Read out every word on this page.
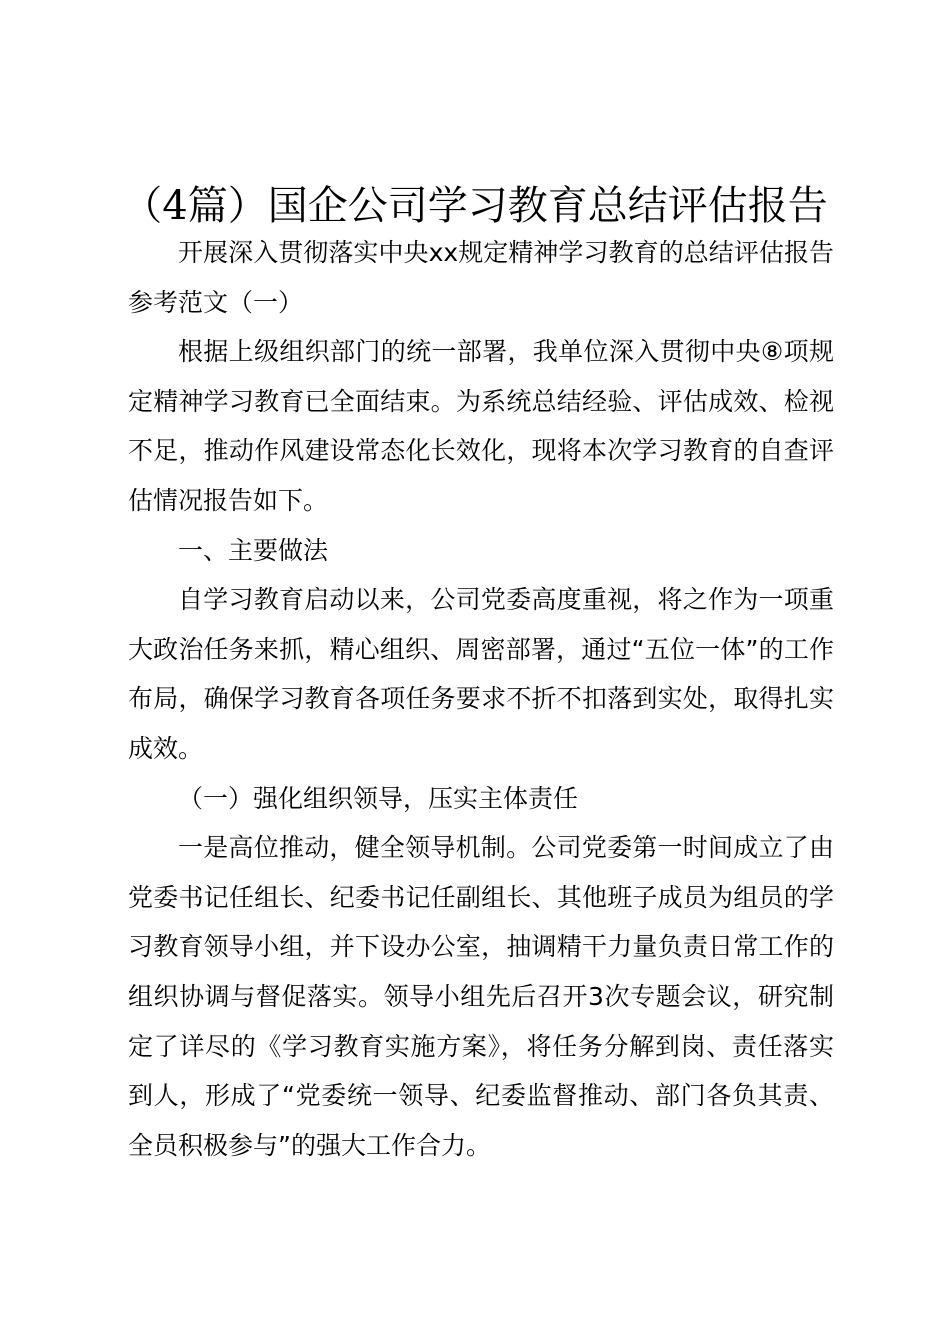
（4篇）国企公司学习教育总结评估报告

开展深入贯彻落实中央xx规定精神学习教育的总结评估报告参考范文（一）

根据上级组织部门的统一部署，我单位深入贯彻中央⑧项规定精神学习教育已全面结束。为系统总结经验、评估成效、检视不足，推动作风建设常态化长效化，现将本次学习教育的自查评估情况报告如下。

一、主要做法

自学习教育启动以来，公司党委高度重视，将之作为一项重大政治任务来抓，精心组织、周密部署，通过“五位一体”的工作布局，确保学习教育各项任务要求不折不扣落到实处，取得扎实成效。

（一）强化组织领导，压实主体责任

一是高位推动，健全领导机制。公司党委第一时间成立了由党委书记任组长、纪委书记任副组长、其他班子成员为组员的学习教育领导小组，并下设办公室，抽调精干力量负责日常工作的组织协调与督促落实。领导小组先后召开3次专题会议，研究制定了详尽的《学习教育实施方案》，将任务分解到岗、责任落实到人，形成了“党委统一领导、纪委监督推动、部门各负其责、全员积极参与”的强大工作合力。
